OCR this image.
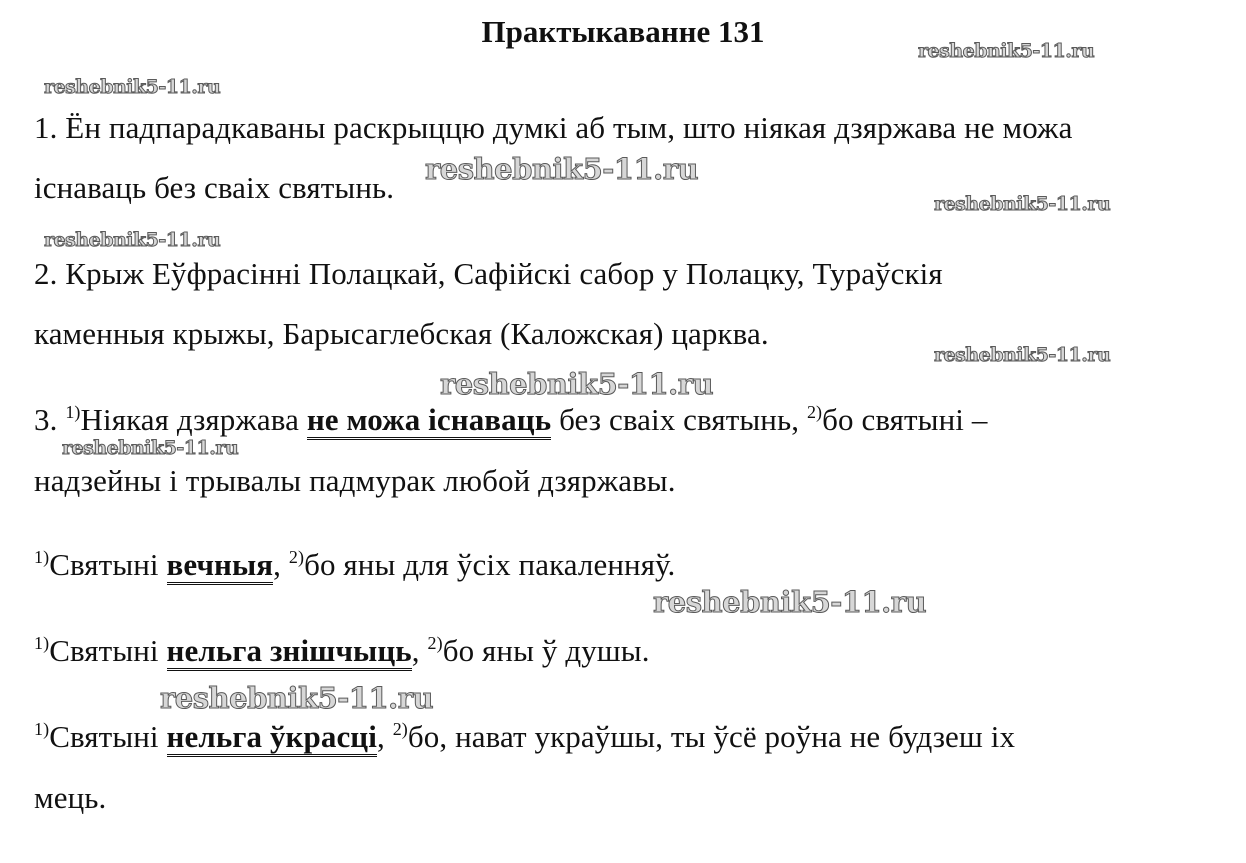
Практыкаванне 131
reshebnik5-11.ru
reshebnik5-11.ru
reshebnik5-11.ru
reshebnik5-11.ru
reshebnik5-11.ru
reshebnik5-11.ru
reshebnik5-11.ru
reshebnik5-11.ru
reshebnik5-11.ru
reshebnik5-11.ru
1. Ён падпарадкаваны раскрыццю думкі аб тым, што ніякая дзяржава не можа
існаваць без сваіх святынь.
2. Крыж Еўфрасінні Полацкай, Сафійскі сабор у Полацку, Тураўскія
каменныя крыжы, Барысаглебская (Каложская) царква.
3. $^{1)}$Ніякая дзяржава не можа існаваць без сваіх святынь, $^{2)}$бо святыні –
надзейны і трывалы падмурак любой дзяржавы.
$^{1)}$Святыні вечныя, $^{2)}$бо яны для ўсіх пакаленняў.
$^{1)}$Святыні нельга знішчыць, $^{2)}$бо яны ў душы.
$^{1)}$Святыні нельга ўкрасці, $^{2)}$бо, нават украўшы, ты ўсё роўна не будзеш іх
мець.
